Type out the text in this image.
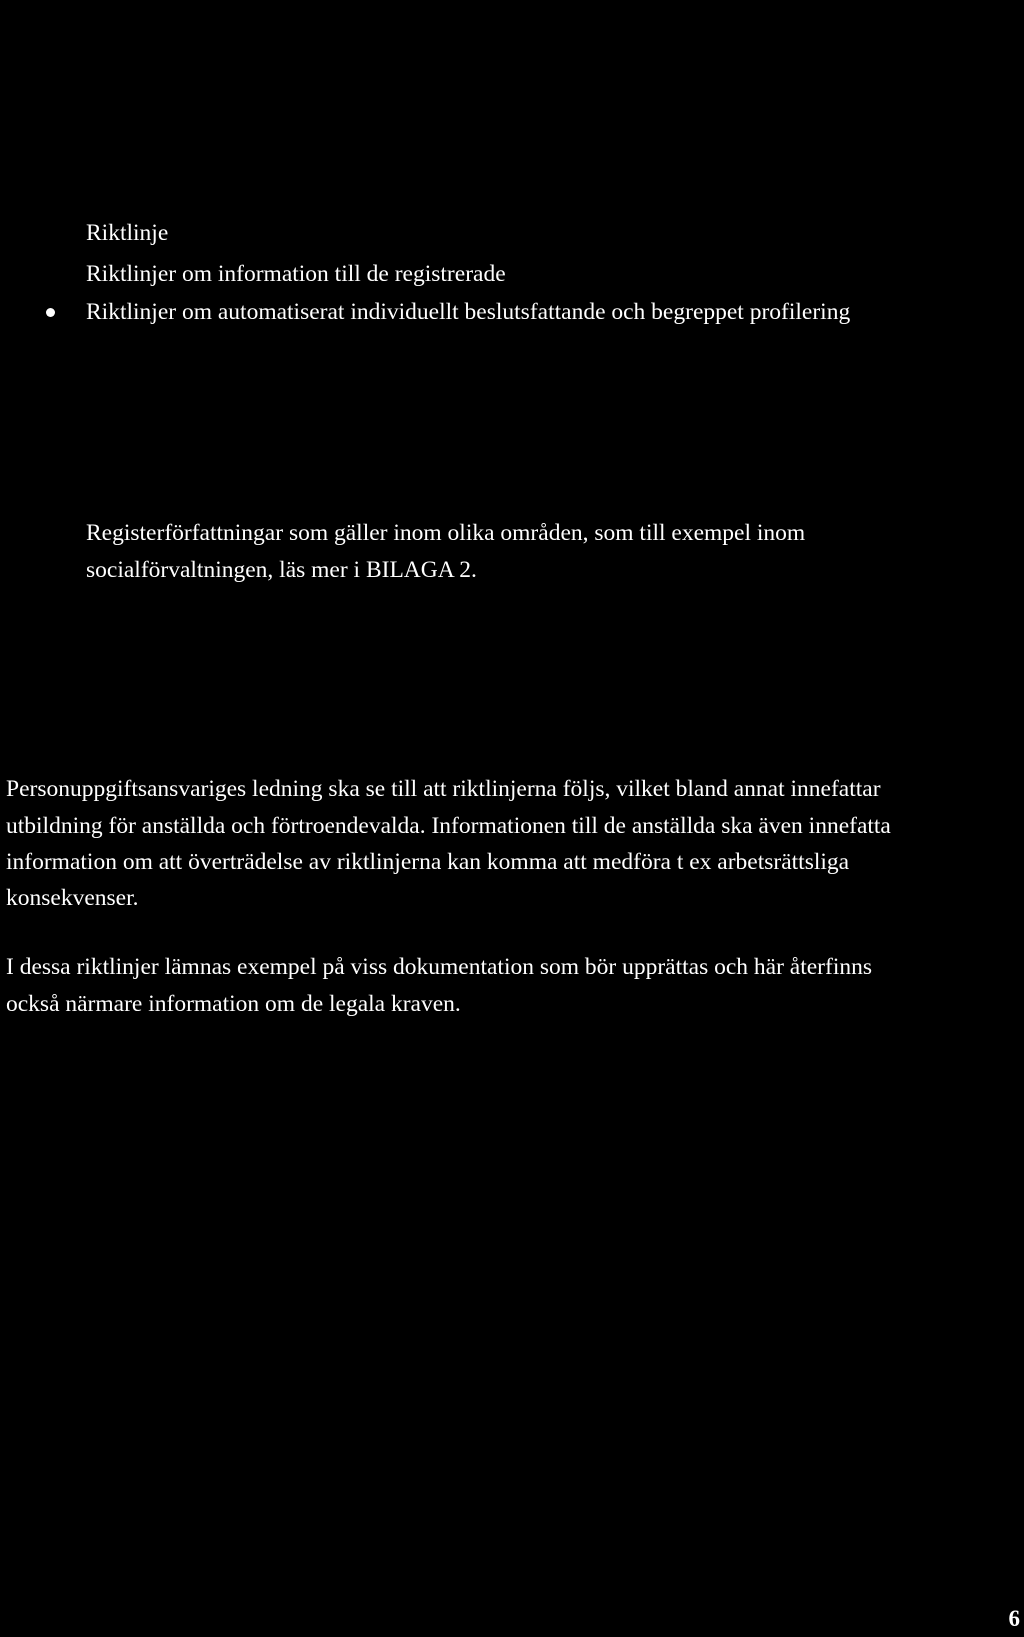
Riktlinje

Riktlinjer om information till de registrerade

Riktlinjer om automatiserat individuellt beslutsfattande och begreppet profilering

Registerförfattningar som gäller inom olika områden, som till exempel inom

socialförvaltningen, läs mer i BILAGA 2.

Personuppgiftsansvariges ledning ska se till att riktlinjerna följs, vilket bland annat innefattar

utbildning för anställda och förtroendevalda. Informationen till de anställda ska även innefatta

information om att överträdelse av riktlinjerna kan komma att medföra t ex arbetsrättsliga

konsekvenser.

I dessa riktlinjer lämnas exempel på viss dokumentation som bör upprättas och här återfinns

också närmare information om de legala kraven.

6
